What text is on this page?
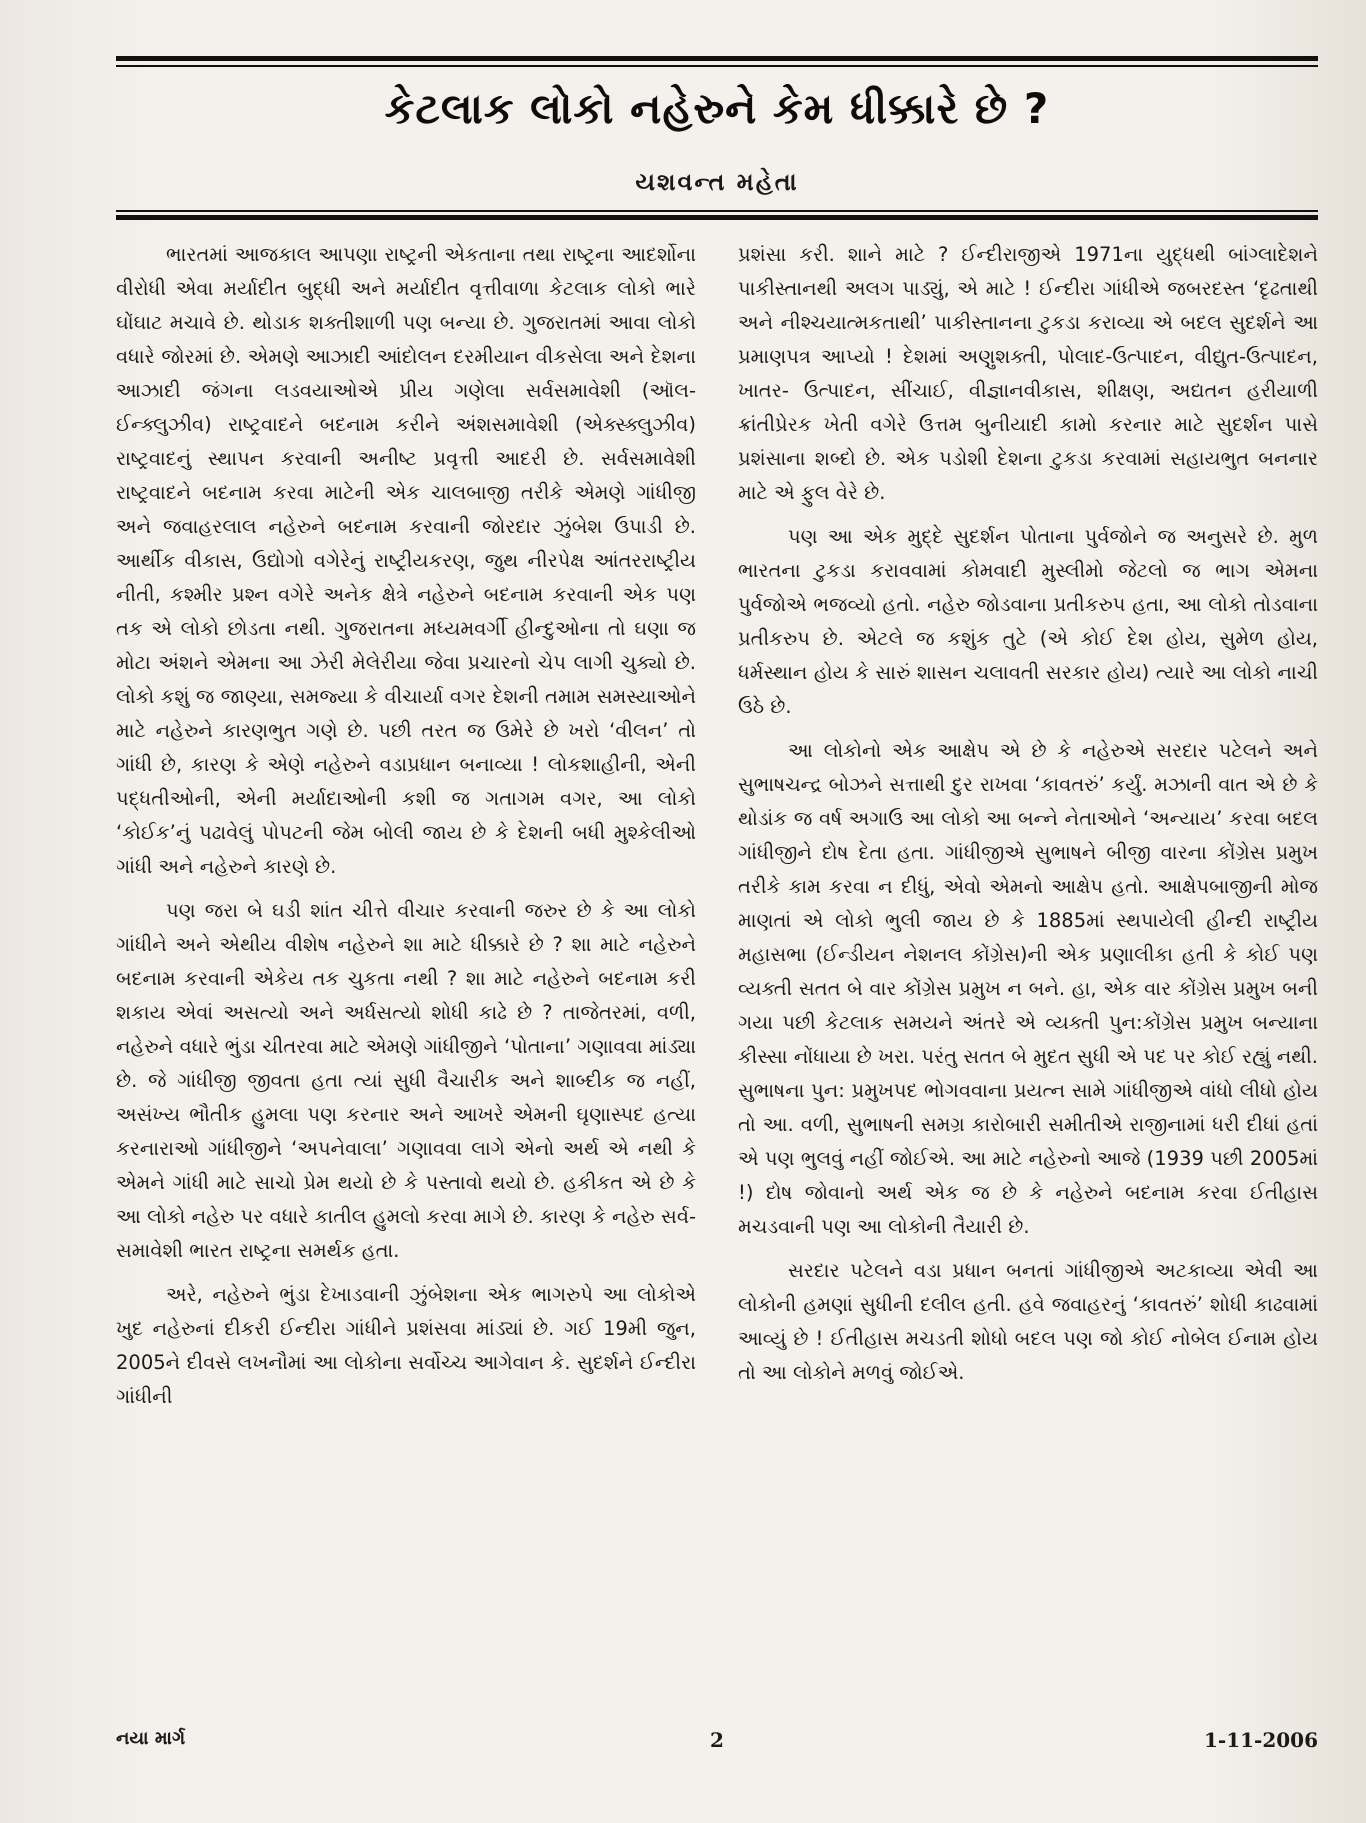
કેટલાક લોકો નહેરુને કેમ ધીક્કારે છે ?
યશવન્ત મહેતા

ભારતમાં આજકાલ આપણા રાષ્ટ્રની એકતાના તથા રાષ્ટ્રના આદર્શોના વીરોધી એવા મર્યાદીત બુદ્ધી અને મર્યાદીત વૃત્તીવાળા કેટલાક લોકો ભારે ઘોંઘાટ મચાવે છે. થોડાક શક્તીશાળી પણ બન્યા છે. ગુજરાતમાં આવા લોકો વધારે જોરમાં છે. એમણે આઝાદી આંદોલન દરમીયાન વીકસેલા અને દેશના આઝાદી જંગના લડવયાઓએ પ્રીય ગણેલા સર્વસમાવેશી (ઑલ-ઈન્ક્લુઝીવ) રાષ્ટ્રવાદને બદનામ કરીને અંશસમાવેશી (એક્સ્ક્લુઝીવ) રાષ્ટ્રવાદનું સ્થાપન કરવાની અનીષ્ટ પ્રવૃત્તી આદરી છે. સર્વસમાવેશી રાષ્ટ્રવાદને બદનામ કરવા માટેની એક ચાલબાજી તરીકે એમણે ગાંધીજી અને જવાહરલાલ નહેરુને બદનામ કરવાની જોરદાર ઝુંબેશ ઉપાડી છે. આર્થીક વીકાસ, ઉદ્યોગો વગેરેનું રાષ્ટ્રીયકરણ, જુથ નીરપેક્ષ આંતરરાષ્ટ્રીય નીતી, કશ્મીર પ્રશ્ન વગેરે અનેક ક્ષેત્રે નહેરુને બદનામ કરવાની એક પણ તક એ લોકો છોડતા નથી. ગુજરાતના મધ્યમવર્ગી હીન્દુઓના તો ઘણા જ મોટા અંશને એમના આ ઝેરી મેલેરીયા જેવા પ્રચારનો ચેપ લાગી ચુક્યો છે. લોકો કશું જ જાણ્યા, સમજ્યા કે વીચાર્યા વગર દેશની તમામ સમસ્યાઓને માટે નહેરુને કારણભુત ગણે છે. પછી તરત જ ઉમેરે છે ખરો ‘વીલન’ તો ગાંધી છે, કારણ કે એણે નહેરુને વડાપ્રધાન બનાવ્યા ! લોકશાહીની, એની પદ્ધતીઓની, એની મર્યાદાઓની કશી જ ગતાગમ વગર, આ લોકો ‘કોઈક’નું પઢાવેલું પોપટની જેમ બોલી જાય છે કે દેશની બધી મુશ્કેલીઓ ગાંધી અને નહેરુને કારણે છે.

પણ જરા બે ઘડી શાંત ચીત્તે વીચાર કરવાની જરુર છે કે આ લોકો ગાંધીને અને એથીય વીશેષ નહેરુને શા માટે ધીક્કારે છે ? શા માટે નહેરુને બદનામ કરવાની એકેય તક ચુકતા નથી ? શા માટે નહેરુને બદનામ કરી શકાય એવાં અસત્યો અને અર્ધસત્યો શોધી કાઢે છે ? તાજેતરમાં, વળી, નહેરુને વધારે ભુંડા ચીતરવા માટે એમણે ગાંધીજીને ‘પોતાના’ ગણાવવા માંડ્યા છે. જે ગાંધીજી જીવતા હતા ત્યાં સુધી વૈચારીક અને શાબ્દીક જ નહીં, અસંખ્ય ભૌતીક હુમલા પણ કરનાર અને આખરે એમની ઘૃણાસ્પદ હત્યા કરનારાઓ ગાંધીજીને ‘અપનેવાલા’ ગણાવવા લાગે એનો અર્થ એ નથી કે એમને ગાંધી માટે સાચો પ્રેમ થયો છે કે પસ્તાવો થયો છે. હકીકત એ છે કે આ લોકો નહેરુ પર વધારે કાતીલ હુમલો કરવા માગે છે. કારણ કે નહેરુ સર્વ-સમાવેશી ભારત રાષ્ટ્રના સમર્થક હતા.

અરે, નહેરુને ભુંડા દેખાડવાની ઝુંબેશના એક ભાગરુપે આ લોકોએ ખુદ નહેરુનાં દીકરી ઈન્દીરા ગાંધીને પ્રશંસવા માંડ્યાં છે. ગઈ 19મી જુન, 2005ને દીવસે લખનૌમાં આ લોકોના સર્વોચ્ચ આગેવાન કે. સુદર્શને ઈન્દીરા ગાંધીની

પ્રશંસા કરી. શાને માટે ? ઈન્દીરાજીએ 1971ના યુદ્ધથી બાંગ્લાદેશને પાકીસ્તાનથી અલગ પાડ્યું, એ માટે ! ઈન્દીરા ગાંધીએ જબરદસ્ત ‘દૃઢતાથી અને નીશ્ચયાત્મકતાથી’ પાકીસ્તાનના ટુકડા કરાવ્યા એ બદલ સુદર્શને આ પ્રમાણપત્ર આપ્યો ! દેશમાં અણુશક્તી, પોલાદ-ઉત્પાદન, વીદ્યુત-ઉત્પાદન, ખાતર- ઉત્પાદન, સીંચાઈ, વીજ્ઞાનવીકાસ, શીક્ષણ, અદ્યતન હરીયાળી ક્રાંતીપ્રેરક ખેતી વગેરે ઉત્તમ બુનીયાદી કામો કરનાર માટે સુદર્શન પાસે પ્રશંસાના શબ્દો છે. એક પડોશી દેશના ટુકડા કરવામાં સહાયભુત બનનાર માટે એ ફુલ વેરે છે.

પણ આ એક મુદ્દે સુદર્શન પોતાના પુર્વજોને જ અનુસરે છે. મુળ ભારતના ટુકડા કરાવવામાં કોમવાદી મુસ્લીમો જેટલો જ ભાગ એમના પુર્વજોએ ભજવ્યો હતો. નહેરુ જોડવાના પ્રતીકરુપ હતા, આ લોકો તોડવાના પ્રતીકરુપ છે. એટલે જ કશુંક તુટે (એ કોઈ દેશ હોય, સુમેળ હોય, ધર્મસ્થાન હોય કે સારું શાસન ચલાવતી સરકાર હોય) ત્યારે આ લોકો નાચી ઉઠે છે.

આ લોકોનો એક આક્ષેપ એ છે કે નહેરુએ સરદાર પટેલને અને સુભાષચન્દ્ર બોઝને સત્તાથી દુર રાખવા ‘કાવતરું’ કર્યું. મઝાની વાત એ છે કે થોડાંક જ વર્ષ અગાઉ આ લોકો આ બન્ને નેતાઓને ‘અન્યાય’ કરવા બદલ ગાંધીજીને દોષ દેતા હતા. ગાંધીજીએ સુભાષને બીજી વારના કોંગ્રેસ પ્રમુખ તરીકે કામ કરવા ન દીધું, એવો એમનો આક્ષેપ હતો. આક્ષેપબાજીની મોજ માણતાં એ લોકો ભુલી જાય છે કે 1885માં સ્થપાયેલી હીન્દી રાષ્ટ્રીય મહાસભા (ઈન્ડીયન નેશનલ કોંગ્રેસ)ની એક પ્રણાલીકા હતી કે કોઈ પણ વ્યક્તી સતત બે વાર કોંગ્રેસ પ્રમુખ ન બને. હા, એક વાર કોંગ્રેસ પ્રમુખ બની ગયા પછી કેટલાક સમયને અંતરે એ વ્યક્તી પુન:કોંગ્રેસ પ્રમુખ બન્યાના કીસ્સા નોંધાયા છે ખરા. પરંતુ સતત બે મુદત સુધી એ પદ પર કોઈ રહ્યું નથી. સુભાષના પુન: પ્રમુખપદ ભોગવવાના પ્રયત્ન સામે ગાંધીજીએ વાંધો લીધો હોય તો આ. વળી, સુભાષની સમગ્ર કારોબારી સમીતીએ રાજીનામાં ધરી દીધાં હતાં એ પણ ભુલવું નહીં જોઈએ. આ માટે નહેરુનો આજે (1939 પછી 2005માં !) દોષ જોવાનો અર્થ એક જ છે કે નહેરુને બદનામ કરવા ઈતીહાસ મચડવાની પણ આ લોકોની તૈયારી છે.

સરદાર પટેલને વડા પ્રધાન બનતાં ગાંધીજીએ અટકાવ્યા એવી આ લોકોની હમણાં સુધીની દલીલ હતી. હવે જવાહરનું ‘કાવતરું’ શોધી કાઢવામાં આવ્યું છે ! ઈતીહાસ મચડતી શોધો બદલ પણ જો કોઈ નોબેલ ઈનામ હોય તો આ લોકોને મળવું જોઈએ.

નયા માર્ગ	2	1-11-2006
